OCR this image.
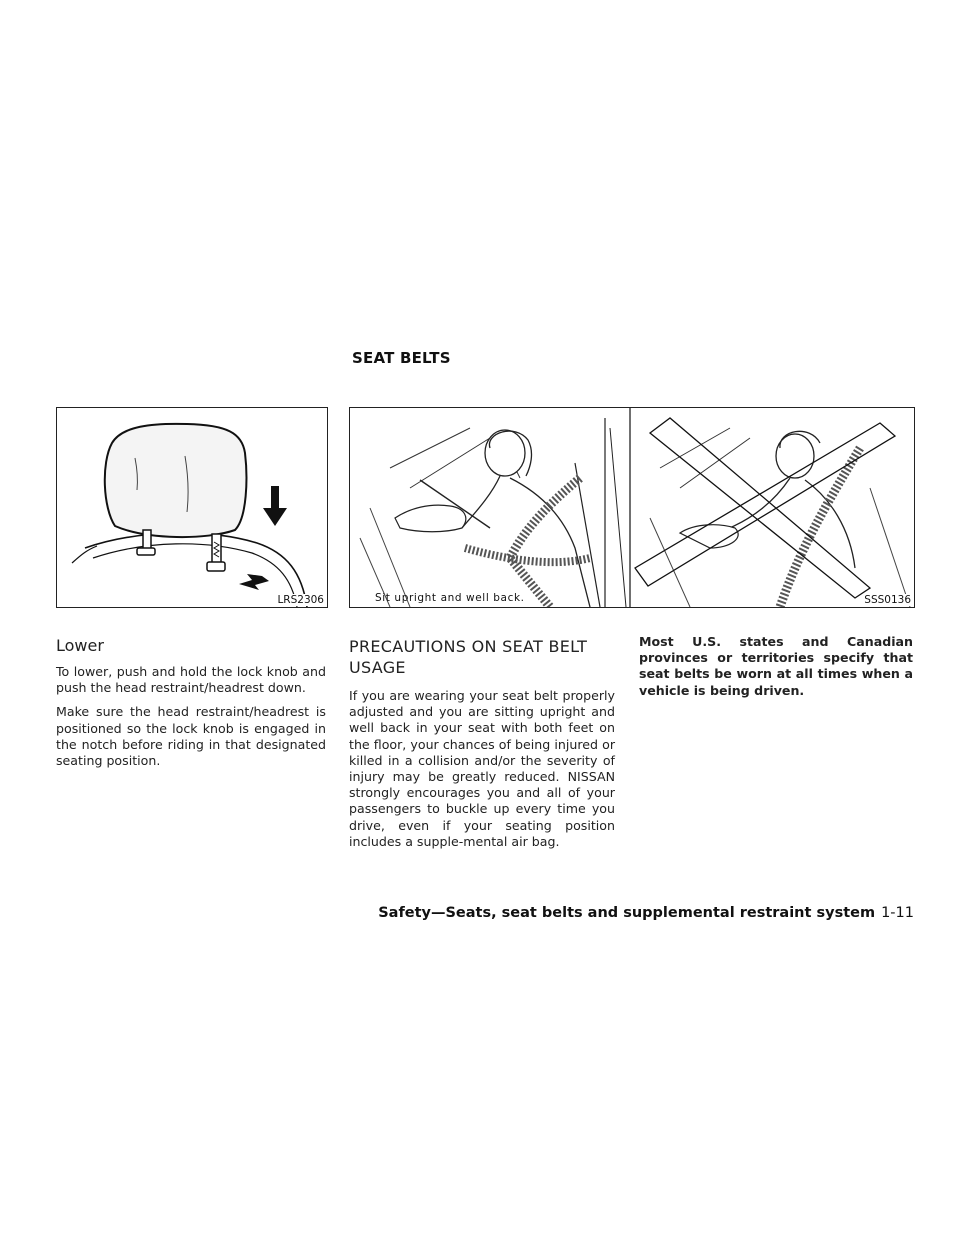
SEAT BELTS
LRS2306	Sit upright and well back.	SSS0136
Lower

To lower, push and hold the lock knob and push the head restraint/headrest down.

Make sure the head restraint/headrest is positioned so the lock knob is engaged in the notch before riding in that designated seating position.

PRECAUTIONS ON SEAT BELT USAGE

If you are wearing your seat belt properly adjusted and you are sitting upright and well back in your seat with both feet on the floor, your chances of being injured or killed in a collision and/or the severity of injury may be greatly reduced. NISSAN strongly encourages you and all of your passengers to buckle up every time you drive, even if your seating position includes a supple-mental air bag.

Most U.S. states and Canadian provinces or territories specify that seat belts be worn at all times when a vehicle is being driven.

Safety—Seats, seat belts and supplemental restraint system 1-11
